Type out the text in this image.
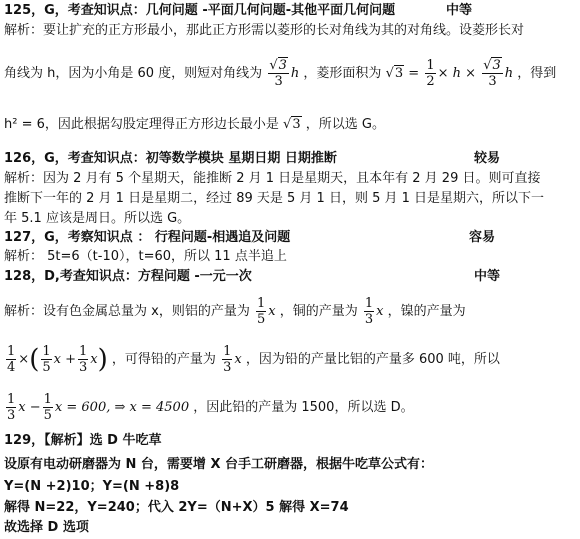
125，G，考查知识点：几何问题 -平面几何问题-其他平面几何问题	中等
解析：要让扩充的正方形最小，那此正方形需以菱形的长对角线为其的对角线。设菱形长对
角线为 h，因为小角是 60 度，则短对角线为 $\frac{√3}{3}$ h ，菱形面积为 $√3 = \frac{1}{2} \times h \times \frac{√3}{3}$ h ，得到
h² = 6，因此根据勾股定理得正方形边长最小是 √3 ，所以选 G。
126，G，考查知识点：初等数学模块 星期日期 日期推断	较易
解析：因为 2 月有 5 个星期天，能推断 2 月 1 日是星期天，且本年有 2 月 29 日。则可直接
推断下一年的 2 月 1 日是星期二，经过 89 天是 5 月 1 日，则 5 月 1 日是星期六，所以下一
年 5.1 应该是周日。所以选 G。
127，G，考察知识点 ： 行程问题-相遇追及问题	容易
解析： 5t=6（t-10），t=60，所以 11 点半追上
128，D,考查知识点：方程问题 -一元一次	中等
解析：设有色金属总量为 x，则铝的产量为 $\frac{1}{5}$ x ，铜的产量为 $\frac{1}{3}$ x ，镍的产量为
$\frac{1}{4}$ ×( $\frac{1}{5}$ $x + \frac{1}{3} x$) ，可得铅的产量为 $\frac{1}{3}$ x ，因为铅的产量比铝的产量多 600 吨，所以
$\frac{1}{3}$ $x - \frac{1}{5}$ x = 600, ⇒ x = 4500 ，因此铅的产量为 1500，所以选 D。
129，【解析】选 D 牛吃草
设原有电动研磨器为 N 台，需要增 X 台手工研磨器，根据牛吃草公式有：
Y=(N +2)10；Y=(N +8)8
解得 N=22，Y=240；代入 2Y=（N+X）5 解得 X=74
故选择 D 选项
